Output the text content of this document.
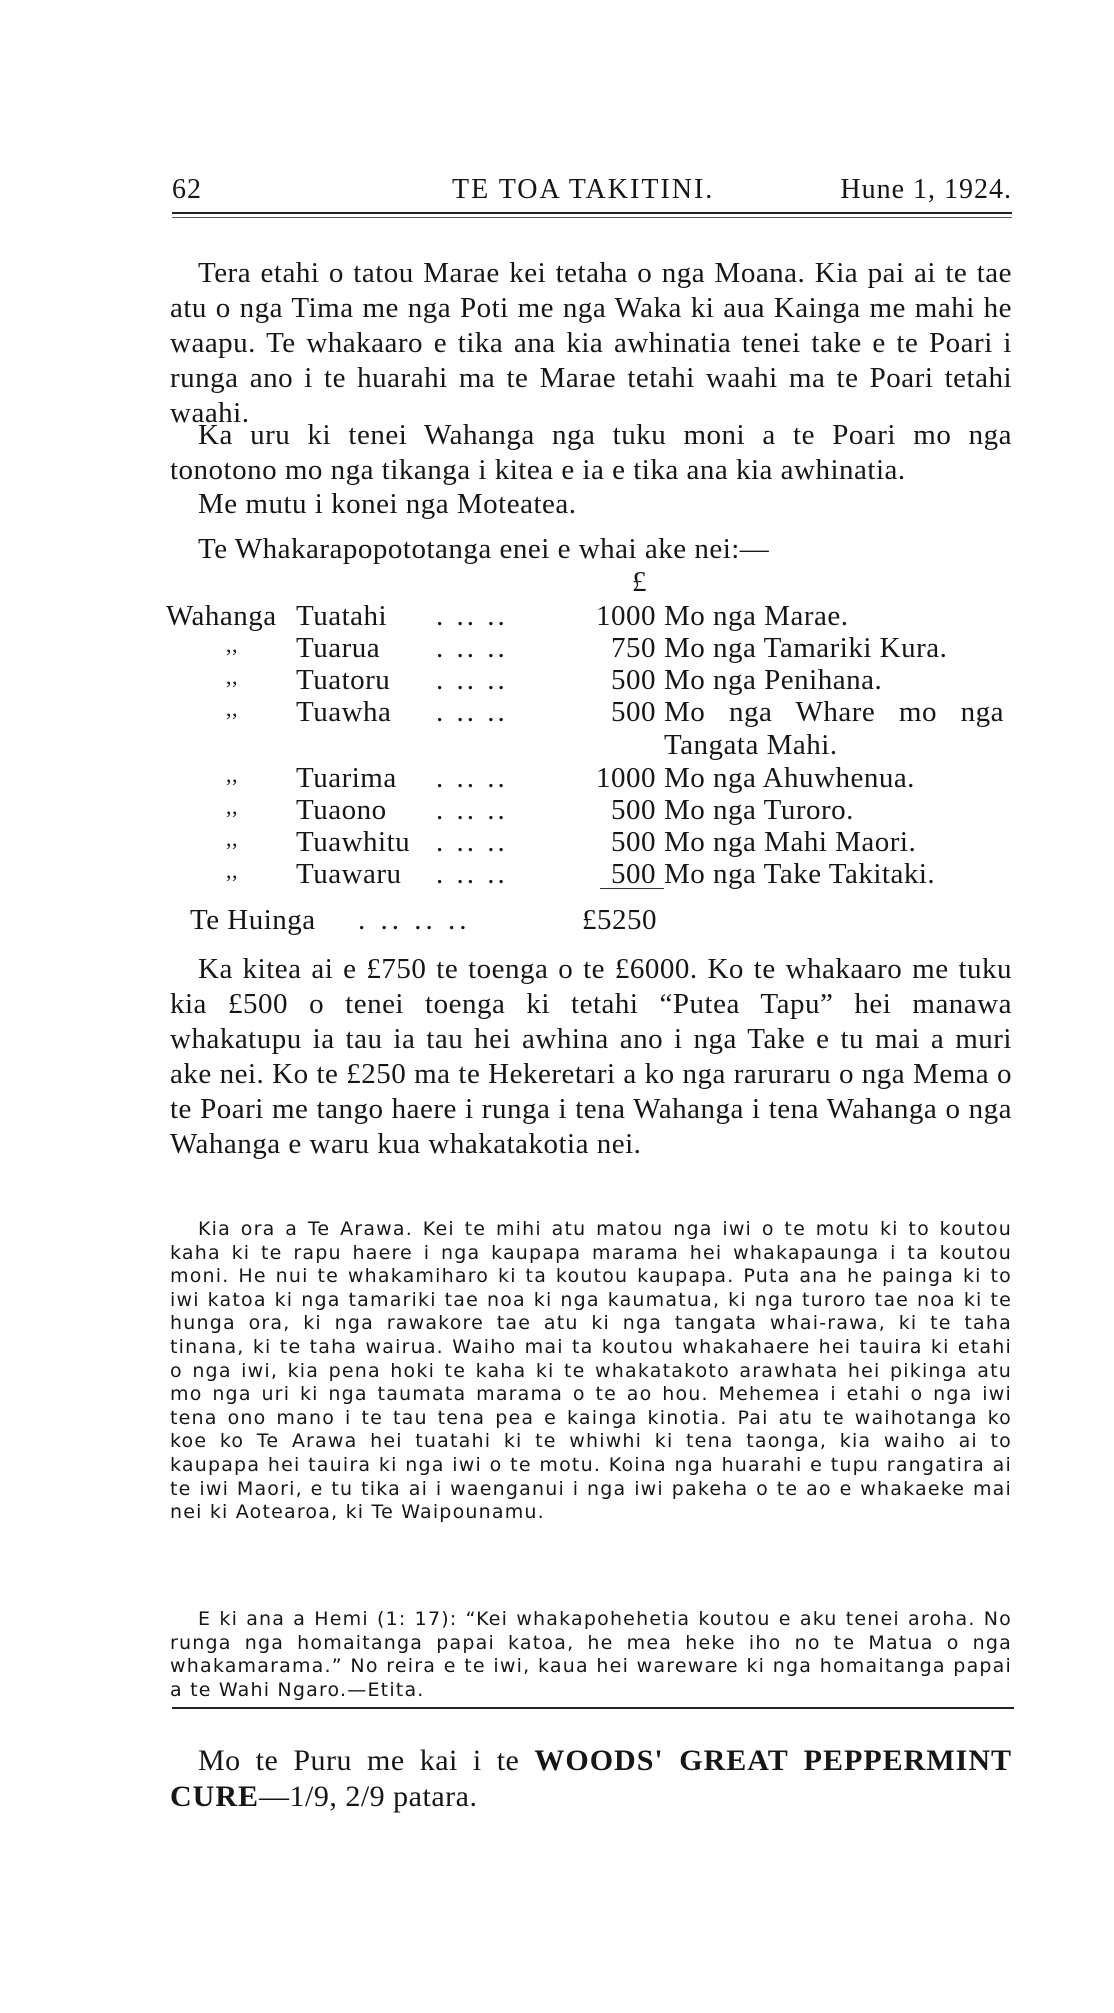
62	TE TOA TAKITINI.	Hune 1, 1924.

Tera etahi o tatou Marae kei tetaha o nga Moana. Kia pai ai te tae atu o nga Tima me nga Poti me nga Waka ki aua Kainga me mahi he waapu. Te whakaaro e tika ana kia awhinatia tenei take e te Poari i runga ano i te huarahi ma te Marae tetahi waahi ma te Poari tetahi waahi.

Ka uru ki tenei Wahanga nga tuku moni a te Poari mo nga tonotono mo nga tikanga i kitea e ia e tika ana kia awhinatia.

Me mutu i konei nga Moteatea.

Te Whakarapopototanga enei e whai ake nei:—

£
Wahanga Tuatahi . .. ..	1000 Mo nga Marae.
,, Tuarua . .. ..	750 Mo nga Tamariki Kura.
,, Tuatoru . .. ..	500 Mo nga Penihana.
,, Tuawha . .. ..	500 Mo nga Whare mo nga Tangata Mahi.
,, Tuarima . .. ..	1000 Mo nga Ahuwhenua.
,, Tuaono . .. ..	500 Mo nga Turoro.
,, Tuawhitu . .. ..	500 Mo nga Mahi Maori.
,, Tuawaru . .. ..	500 Mo nga Take Takitaki.
Te Huinga . .. .. ..	£5250

Ka kitea ai e £750 te toenga o te £6000. Ko te whakaaro me tuku kia £500 o tenei toenga ki tetahi “Putea Tapu” hei manawa whakatupu ia tau ia tau hei awhina ano i nga Take e tu mai a muri ake nei. Ko te £250 ma te Hekeretari a ko nga raruraru o nga Mema o te Poari me tango haere i runga i tena Wahanga i tena Wahanga o nga Wahanga e waru kua whakatakotia nei.

Kia ora a Te Arawa. Kei te mihi atu matou nga iwi o te motu ki to koutou kaha ki te rapu haere i nga kaupapa marama hei whakapaunga i ta koutou moni. He nui te whakamiharo ki ta koutou kaupapa. Puta ana he painga ki to iwi katoa ki nga tamariki tae noa ki nga kaumatua, ki nga turoro tae noa ki te hunga ora, ki nga rawakore tae atu ki nga tangata whai-rawa, ki te taha tinana, ki te taha wairua. Waiho mai ta koutou whakahaere hei tauira ki etahi o nga iwi, kia pena hoki te kaha ki te whakatakoto arawhata hei pikinga atu mo nga uri ki nga taumata marama o te ao hou. Mehemea i etahi o nga iwi tena ono mano i te tau tena pea e kainga kinotia. Pai atu te waihotanga ko koe ko Te Arawa hei tuatahi ki te whiwhi ki tena taonga, kia waiho ai to kaupapa hei tauira ki nga iwi o te motu. Koina nga huarahi e tupu rangatira ai te iwi Maori, e tu tika ai i waenganui i nga iwi pakeha o te ao e whakaeke mai nei ki Aotearoa, ki Te Waipounamu.

E ki ana a Hemi (1: 17): “Kei whakapohehetia koutou e aku tenei aroha. No runga nga homaitanga papai katoa, he mea heke iho no te Matua o nga whakamarama.” No reira e te iwi, kaua hei wareware ki nga homaitanga papai a te Wahi Ngaro.—Etita.

Mo te Puru me kai i te WOODS' GREAT PEPPERMINT CURE—1/9, 2/9 patara.
